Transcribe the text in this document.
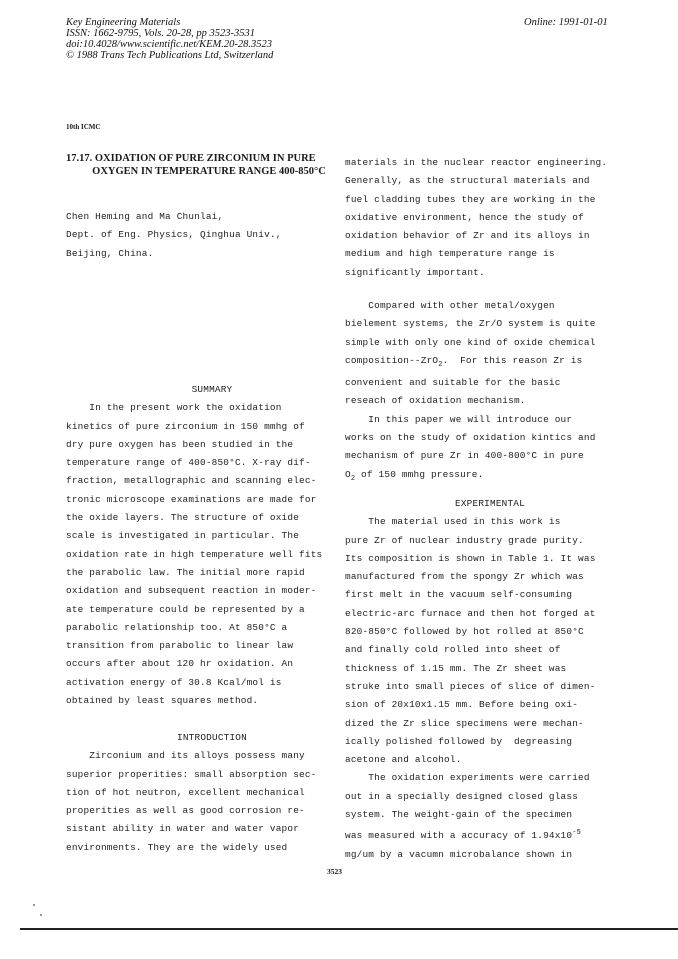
Key Engineering Materials
ISSN: 1662-9795, Vols. 20-28, pp 3523-3531
doi:10.4028/www.scientific.net/KEM.20-28.3523
© 1988 Trans Tech Publications Ltd, Switzerland
Online: 1991-01-01
10th ICMC
17.17. OXIDATION OF PURE ZIRCONIUM IN PURE
OXYGEN IN TEMPERATURE RANGE 400-850°C
Chen Heming and Ma Chunlai,
Dept. of Eng. Physics, Qinghua Univ.,
Beijing, China.
SUMMARY
In the present work the oxidation
kinetics of pure zirconium in 150 mmhg of
dry pure oxygen has been studied in the
temperature range of 400-850°C. X-ray dif-
fraction, metallographic and scanning elec-
tronic microscope examinations are made for
the oxide layers. The structure of oxide
scale is investigated in particular. The
oxidation rate in high temperature well fits
the parabolic law. The initial more rapid
oxidation and subsequent reaction in moder-
ate temperature could be represented by a
parabolic relationship too. At 850°C a
transition from parabolic to linear law
occurs after about 120 hr oxidation. An
activation energy of 30.8 Kcal/mol is
obtained by least squares method.
INTRODUCTION
Zirconium and its alloys possess many
superior properities: small absorption sec-
tion of hot neutron, excellent mechanical
properities as well as good corrosion re-
sistant ability in water and water vapor
environments. They are the widely used
materials in the nuclear reactor engineering.
Generally, as the structural materials and
fuel cladding tubes they are working in the
oxidative environment, hence the study of
oxidation behavior of Zr and its alloys in
medium and high temperature range is
significantly important.
Compared with other metal/oxygen
bielement systems, the Zr/O system is quite
simple with only one kind of oxide chemical
composition--ZrO$_2$.  For this reason Zr is
convenient and suitable for the basic
reseach of oxidation mechanism.
In this paper we will introduce our
works on the study of oxidation kintics and
mechanism of pure Zr in 400-800°C in pure
$O_2$ of 150 mmhg pressure.
EXPERIMENTAL
The material used in this work is
pure Zr of nuclear industry grade purity.
Its composition is shown in Table 1. It was
manufactured from the spongy Zr which was
first melt in the vacuum self-consuming
electric-arc furnace and then hot forged at
820-850°C followed by hot rolled at 850°C
and finally cold rolled into sheet of
thickness of 1.15 mm. The Zr sheet was
struke into small pieces of slice of dimen-
sion of 20x10x1.15 mm. Before being oxi-
dized the Zr slice specimens were mechan-
ically polished followed by  degreasing
acetone and alcohol.
The oxidation experiments were carried
out in a specially designed closed glass
system. The weight-gain of the specimen
was measured with a accuracy of $1.94x10^{-5}$
mg/um by a vacumn microbalance shown in
3523
